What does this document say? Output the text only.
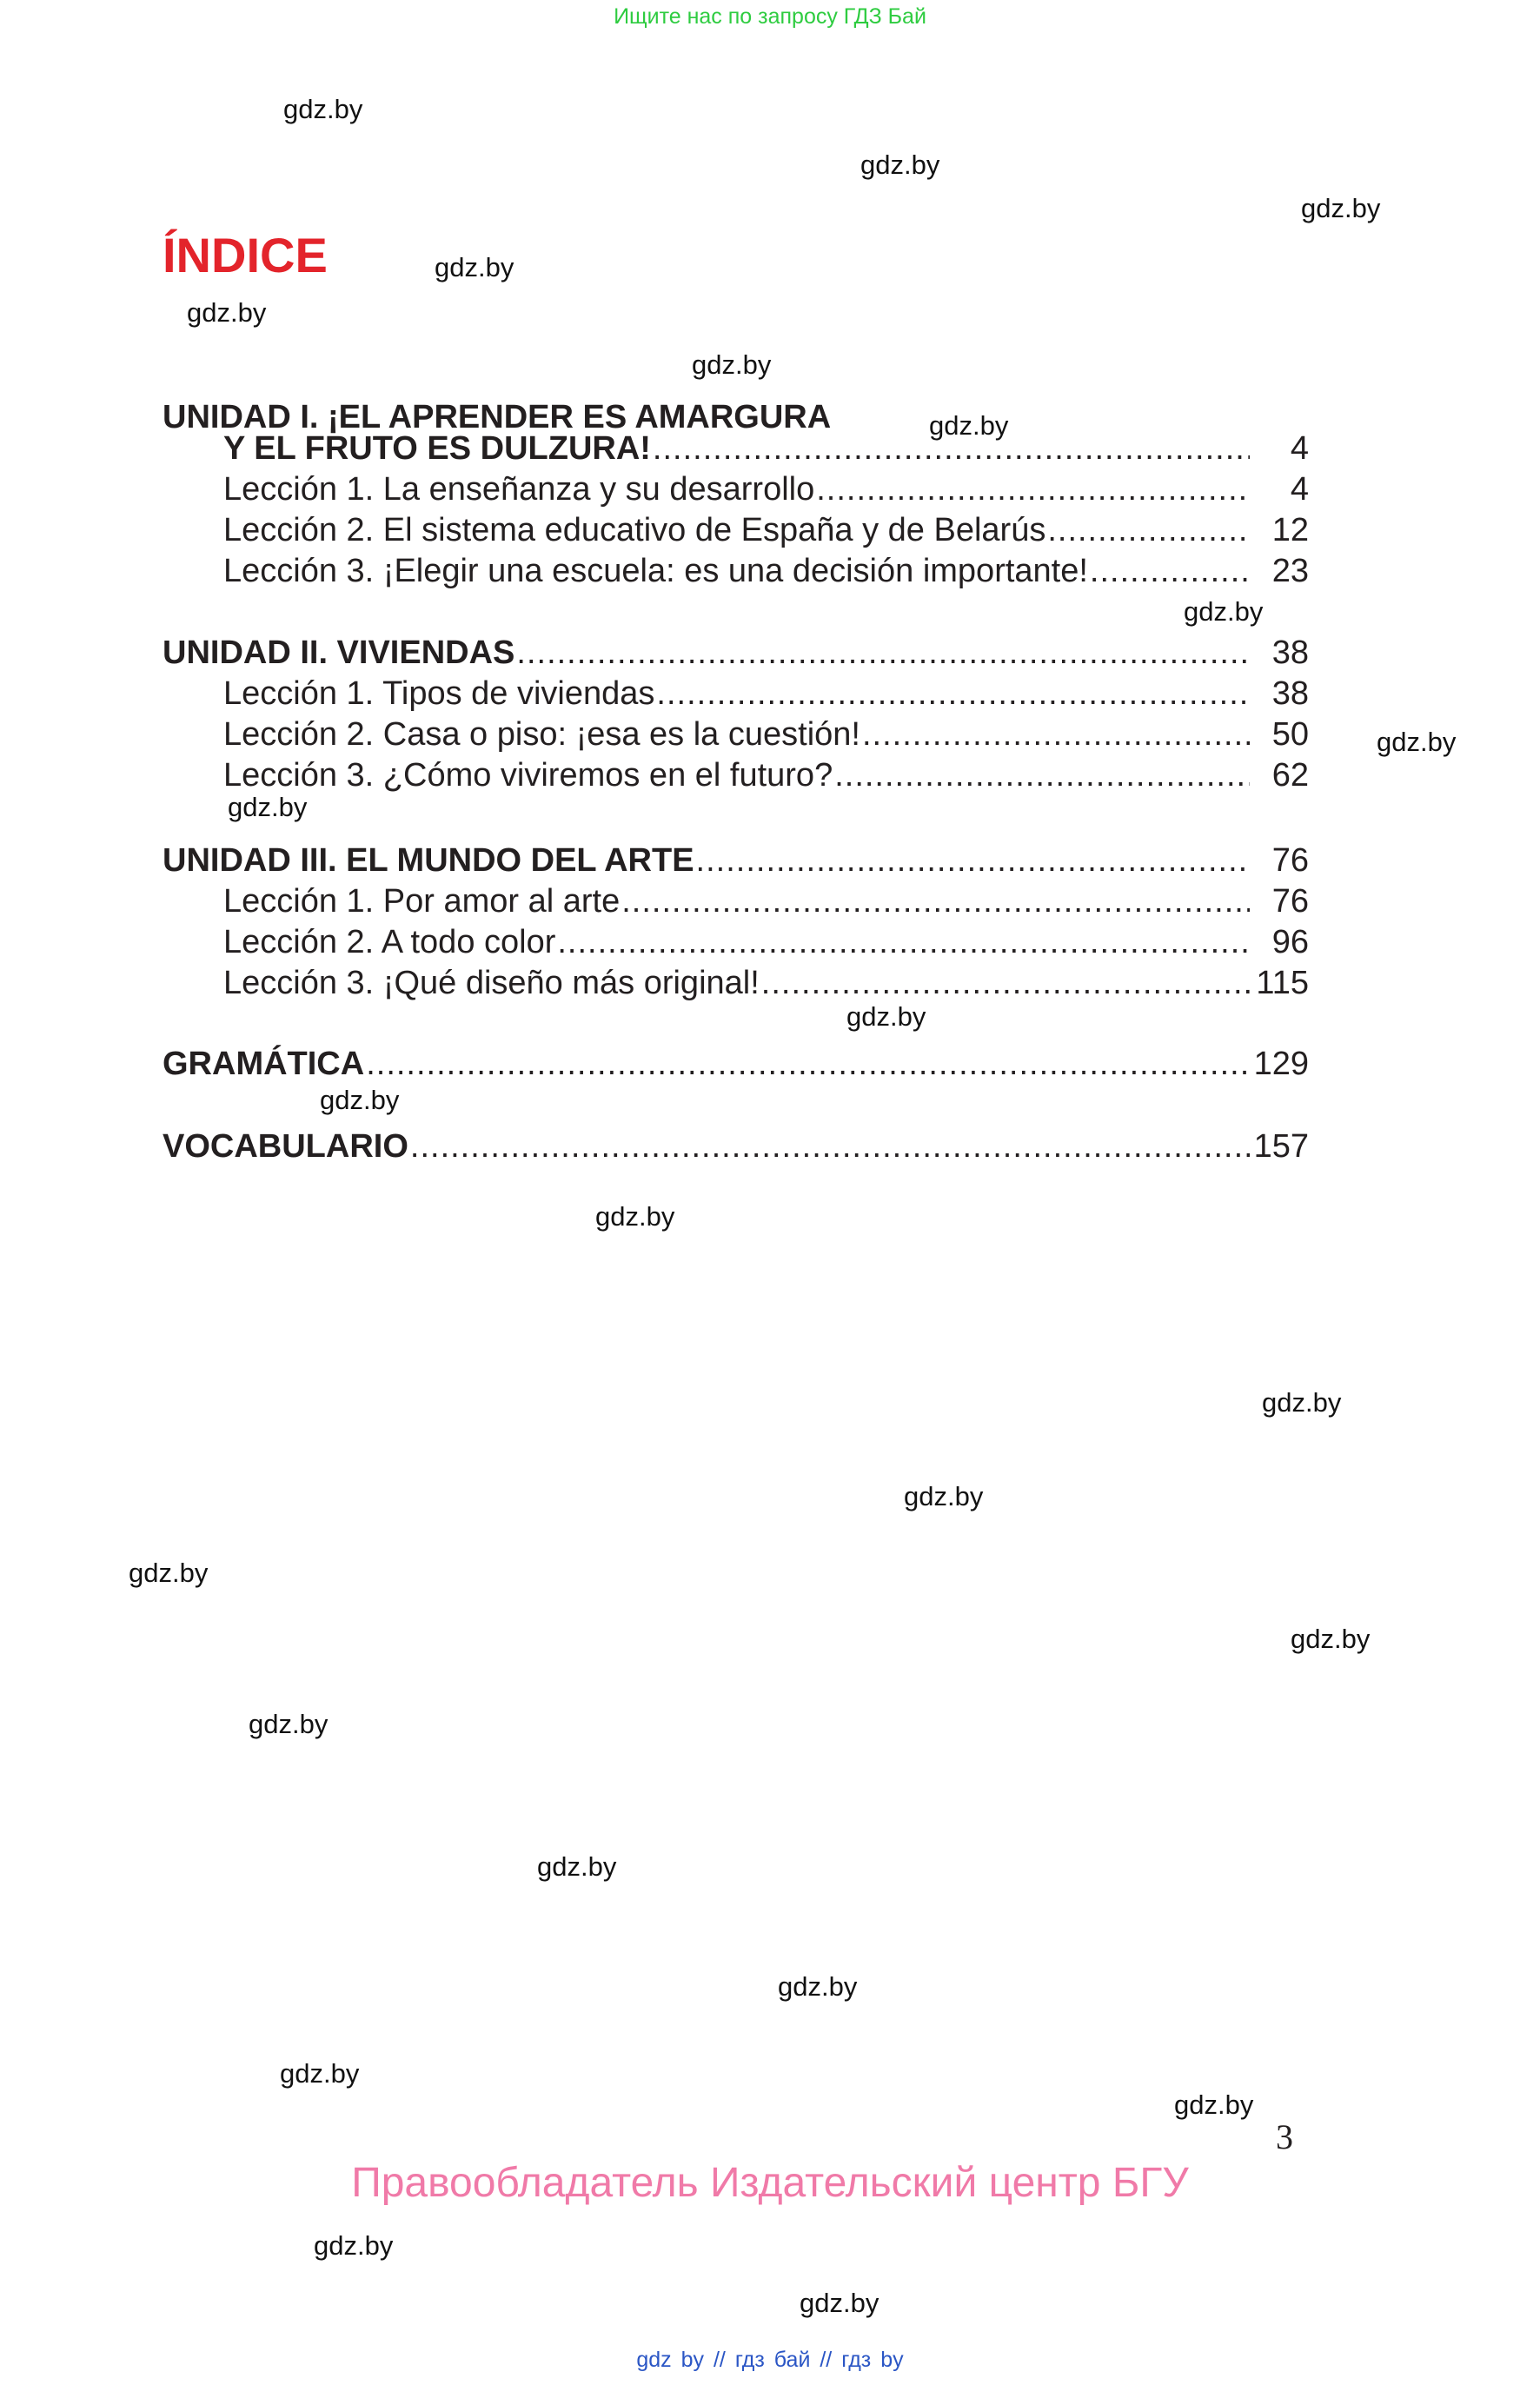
Ищите нас по запросу ГДЗ Бай
ÍNDICE
UNIDAD I. ¡EL APRENDER ES AMARGURA
Y EL FRUTO ES DULZURA! .....	4
Lección 1. La enseñanza y su desarrollo .....	4
Lección 2. El sistema educativo de España y de Belarús .....	12
Lección 3. ¡Elegir una escuela: es una decisión importante! .....	23
UNIDAD II. VIVIENDAS .....	38
Lección 1. Tipos de viviendas .....	38
Lección 2. Casa o piso: ¡esa es la cuestión! .....	50
Lección 3. ¿Cómo viviremos en el futuro? .....	62
UNIDAD III. EL MUNDO DEL ARTE .....	76
Lección 1. Por amor al arte .....	76
Lección 2. A todo color .....	96
Lección 3. ¡Qué diseño más original! .....	115
GRAMÁTICA .....	129
VOCABULARIO .....	157
gdz.by
gdz.by
gdz.by
gdz.by
gdz.by
gdz.by
gdz.by
gdz.by
gdz.by
gdz.by
gdz.by
gdz.by
gdz.by
gdz.by
gdz.by
gdz.by
gdz.by
gdz.by
gdz.by
gdz.by
gdz.by
gdz.by
gdz.by
gdz.by
3
Правообладатель Издательский центр БГУ
gdz by // гдз бай // гдз by
